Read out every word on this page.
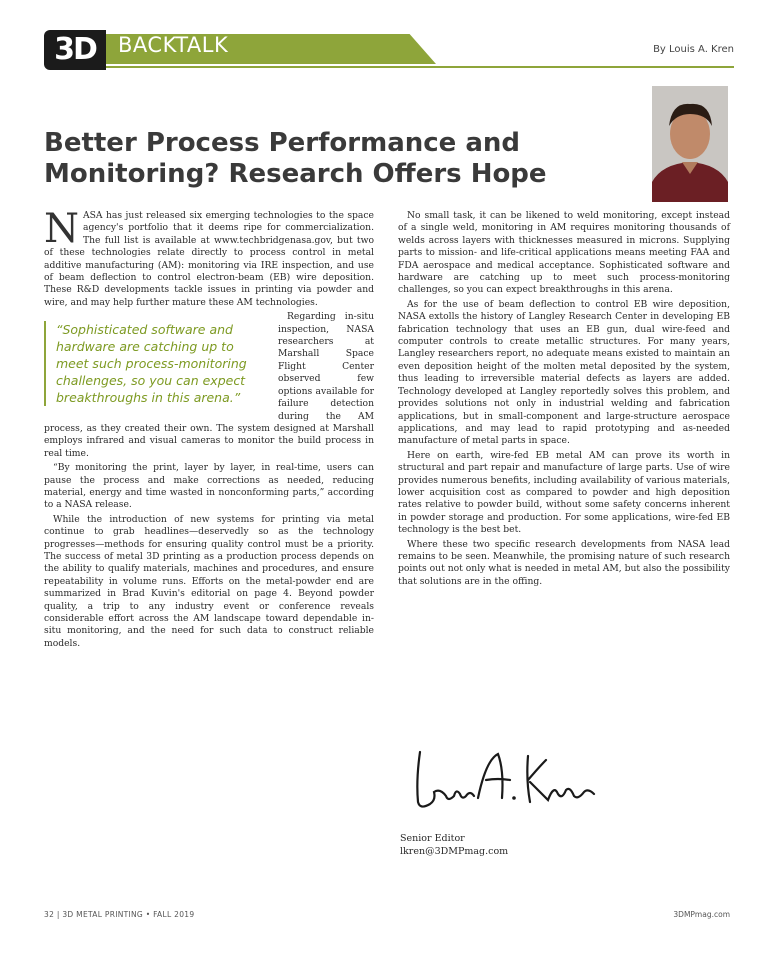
3D	BACKTALK	By Louis A. Kren
Better Process Performance and
Monitoring? Research Offers Hope

NASA has just released six emerging technologies to the space agency's portfolio that it deems ripe for commercialization. The full list is available at www.techbridgenasa.gov, but two of these technologies relate directly to process control in metal additive manufacturing (AM): monitoring via IRE inspection, and use of beam deflection to control electron-beam (EB) wire deposition. These R&D developments tackle issues in printing via powder and wire, and may help further mature these AM technologies.

“Sophisticated software and hardware are catching up to meet such process-monitoring challenges, so you can expect breakthroughs in this arena.”

Regarding in-situ inspection, NASA researchers at Marshall Space Flight Center observed few options available for failure detection during the AM process, as they created their own. The system designed at Marshall employs infrared and visual cameras to monitor the build process in real time.

“By monitoring the print, layer by layer, in real-time, users can pause the process and make corrections as needed, reducing material, energy and time wasted in nonconforming parts,” according to a NASA release.

While the introduction of new systems for printing via metal continue to grab headlines—deservedly so as the technology progresses—methods for ensuring quality control must be a priority. The success of metal 3D printing as a production process depends on the ability to qualify materials, machines and procedures, and ensure repeatability in volume runs. Efforts on the metal-powder end are summarized in Brad Kuvin's editorial on page 4. Beyond powder quality, a trip to any industry event or conference reveals considerable effort across the AM landscape toward dependable in-situ monitoring, and the need for such data to construct reliable models.

No small task, it can be likened to weld monitoring, except instead of a single weld, monitoring in AM requires monitoring thousands of welds across layers with thicknesses measured in microns. Supplying parts to mission- and life-critical applications means meeting FAA and FDA aerospace and medical acceptance. Sophisticated software and hardware are catching up to meet such process-monitoring challenges, so you can expect breakthroughs in this arena.

As for the use of beam deflection to control EB wire deposition, NASA extolls the history of Langley Research Center in developing EB fabrication technology that uses an EB gun, dual wire-feed and computer controls to create metallic structures. For many years, Langley researchers report, no adequate means existed to maintain an even deposition height of the molten metal deposited by the system, thus leading to irreversible material defects as layers are added. Technology developed at Langley reportedly solves this problem, and provides solutions not only in industrial welding and fabrication applications, but in small-component and large-structure aerospace applications, and may lead to rapid prototyping and as-needed manufacture of metal parts in space.

Here on earth, wire-fed EB metal AM can prove its worth in structural and part repair and manufacture of large parts. Use of wire provides numerous benefits, including availability of various materials, lower acquisition cost as compared to powder and high deposition rates relative to powder build, without some safety concerns inherent in powder storage and production. For some applications, wire-fed EB technology is the best bet.

Where these two specific research developments from NASA lead remains to be seen. Meanwhile, the promising nature of such research points out not only what is needed in metal AM, but also the possibility that solutions are in the offing.

Senior Editor
lkren@3DMPmag.com
32 | 3D METAL PRINTING • FALL 2019	3DMPmag.com
